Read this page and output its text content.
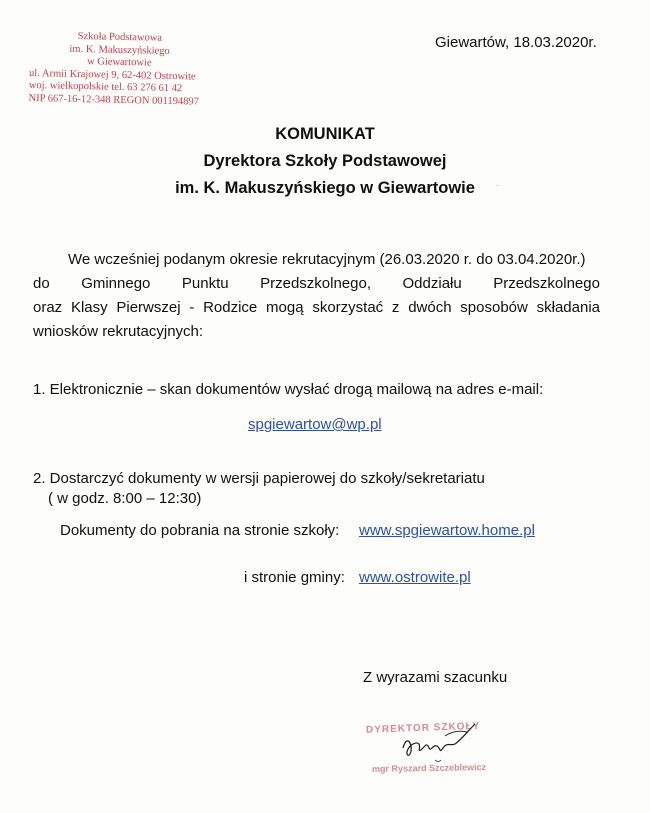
Szkoła Podstawowa
im. K. Makuszyńskiego
w Giewartowie
ul. Armii Krajowej 9, 62-402 Ostrowite
woj. wielkopolskie tel. 63 276 61 42
NIP 667-16-12-348 REGON 001194897
Giewartów, 18.03.2020r.
KOMUNIKAT
Dyrektora Szkoły Podstawowej
im. K. Makuszyńskiego w Giewartowie	··
We wcześniej podanym okresie rekrutacyjnym (26.03.2020 r. do 03.04.2020r.)
do Gminnego Punktu Przedszkolnego, Oddziału Przedszkolnego
oraz Klasy Pierwszej - Rodzice mogą skorzystać z dwóch sposobów składania
wniosków rekrutacyjnych:
1. Elektronicznie – skan dokumentów wysłać drogą mailową na adres e-mail:
spgiewartow@wp.pl
2. Dostarczyć dokumenty w wersji papierowej do szkoły/sekretariatu
( w godz. 8:00 – 12:30)
Dokumenty do pobrania na stronie szkoły: www.spgiewartow.home.pl
i stronie gminy: www.ostrowite.pl
Z wyrazami szacunku
DYREKTOR SZKOŁY
mgr Ryszard Szczeblewicz
